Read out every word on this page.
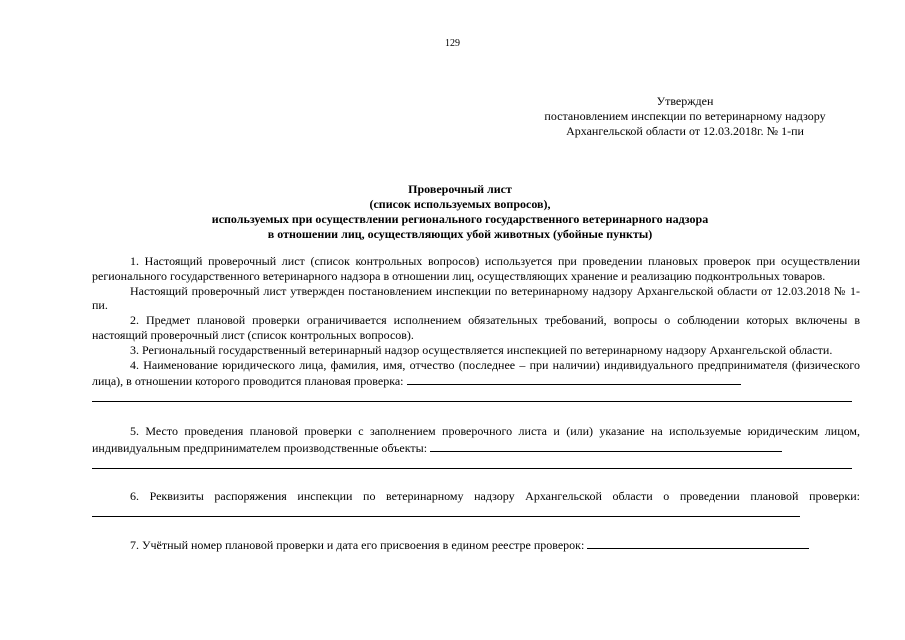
129
Утвержден
постановлением инспекции по ветеринарному надзору
Архангельской области от 12.03.2018г. № 1-пи
Проверочный лист
(список используемых вопросов),
используемых при осуществлении регионального государственного ветеринарного надзора
в отношении лиц, осуществляющих убой животных (убойные пункты)

1. Настоящий проверочный лист (список контрольных вопросов) используется при проведении плановых проверок при осуществлении регионального государственного ветеринарного надзора в отношении лиц, осуществляющих хранение и реализацию подконтрольных товаров.

Настоящий проверочный лист утвержден постановлением инспекции по ветеринарному надзору Архангельской области от 12.03.2018 № 1-пи.

2. Предмет плановой проверки ограничивается исполнением обязательных требований, вопросы о соблюдении которых включены в настоящий проверочный лист (список контрольных вопросов).

3. Региональный государственный ветеринарный надзор осуществляется инспекцией по ветеринарному надзору Архангельской области.

4. Наименование юридического лица, фамилия, имя, отчество (последнее – при наличии) индивидуального предпринимателя (физического лица), в отношении которого проводится плановая проверка:

5. Место проведения плановой проверки с заполнением проверочного листа и (или) указание на используемые юридическим лицом, индивидуальным предпринимателем производственные объекты:

6. Реквизиты распоряжения инспекции по ветеринарному надзору Архангельской области о проведении плановой проверки:

7. Учётный номер плановой проверки и дата его присвоения в едином реестре проверок:
